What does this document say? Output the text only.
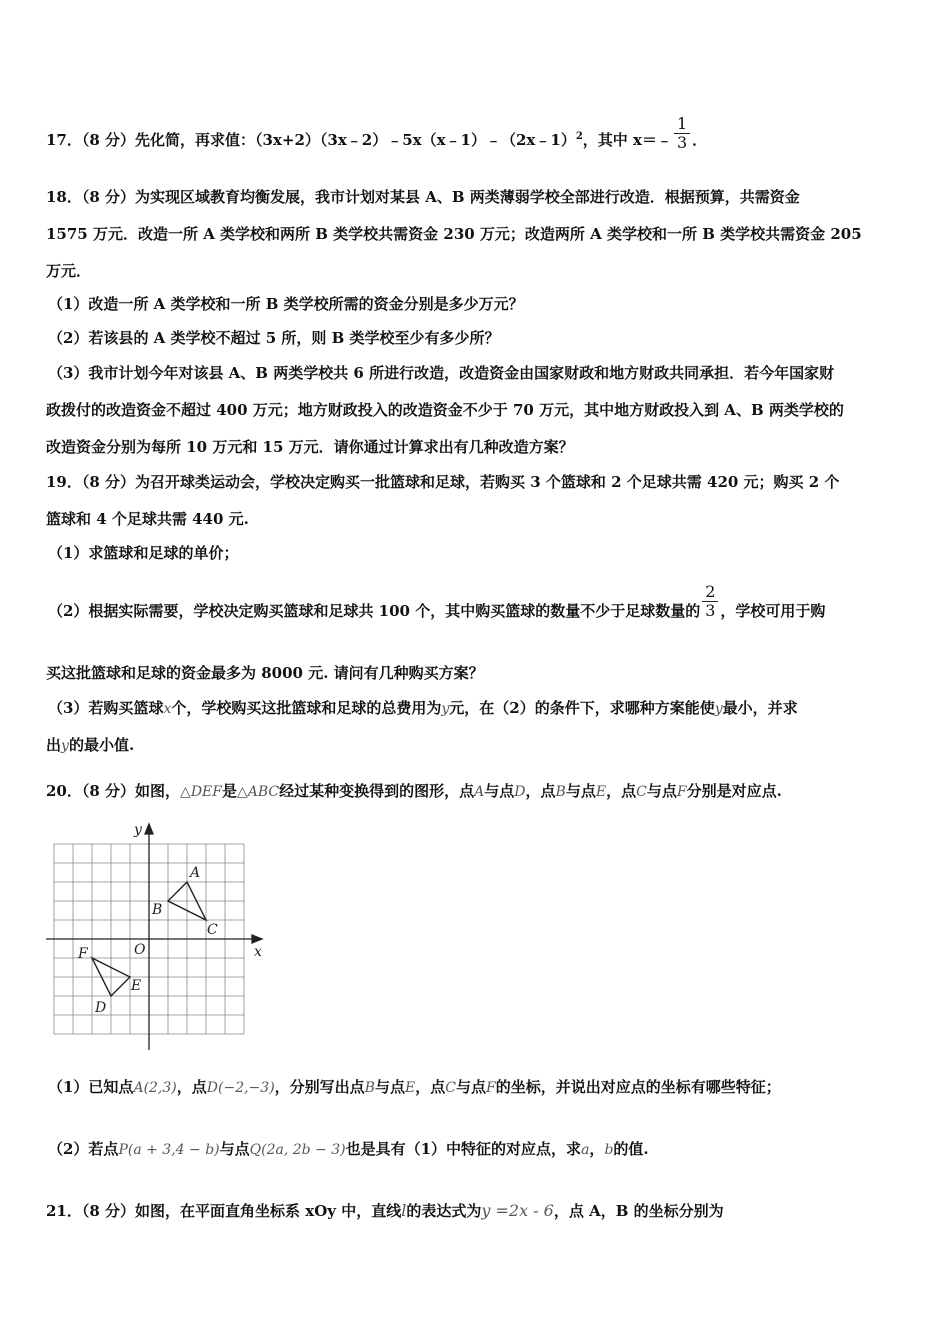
17．（8 分）先化简，再求值：（3x+2）（3x﹣2）﹣5x（x﹣1）﹣（2x﹣1）$^2$，其中 x＝﹣ $\frac{1}{3}$ ．
18．（8 分）为实现区域教育均衡发展，我市计划对某县 A、B 两类薄弱学校全部进行改造．根据预算，共需资金
1575 万元．改造一所 A 类学校和两所 B 类学校共需资金 230 万元；改造两所 A 类学校和一所 B 类学校共需资金 205
万元．
（1）改造一所 A 类学校和一所 B 类学校所需的资金分别是多少万元？
（2）若该县的 A 类学校不超过 5 所，则 B 类学校至少有多少所？
（3）我市计划今年对该县 A、B 两类学校共 6 所进行改造，改造资金由国家财政和地方财政共同承担．若今年国家财
政拨付的改造资金不超过 400 万元；地方财政投入的改造资金不少于 70 万元，其中地方财政投入到 A、B 两类学校的
改造资金分别为每所 10 万元和 15 万元．请你通过计算求出有几种改造方案？
19．（8 分）为召开球类运动会，学校决定购买一批篮球和足球，若购买 3 个篮球和 2 个足球共需 420 元；购买 2 个
篮球和 4 个足球共需 440 元.
（1）求篮球和足球的单价；
（2）根据实际需要，学校决定购买篮球和足球共 100 个，其中购买篮球的数量不少于足球数量的 $\frac{2}{3}$ ，学校可用于购
买这批篮球和足球的资金最多为 8000 元. 请问有几种购买方案？
（3）若购买篮球x个，学校购买这批篮球和足球的总费用为y元，在（2）的条件下，求哪种方案能使y最小，并求
出y的最小值.
20．（8 分）如图，△DEF是△ABC经过某种变换得到的图形，点A与点D，点B与点E，点C与点F分别是对应点.
y
x
O
A
B
C
F
E
D
（1）已知点A(2,3)，点D(−2,−3)，分别写出点B与点E，点C与点F的坐标，并说出对应点的坐标有哪些特征；
（2）若点P(a + 3,4 − b)与点Q(2a, 2b − 3)也是具有（1）中特征的对应点，求a，b的值.
21．（8 分）如图，在平面直角坐标系 xOy 中，直线l的表达式为y =2x - 6，点 A，B 的坐标分别为
